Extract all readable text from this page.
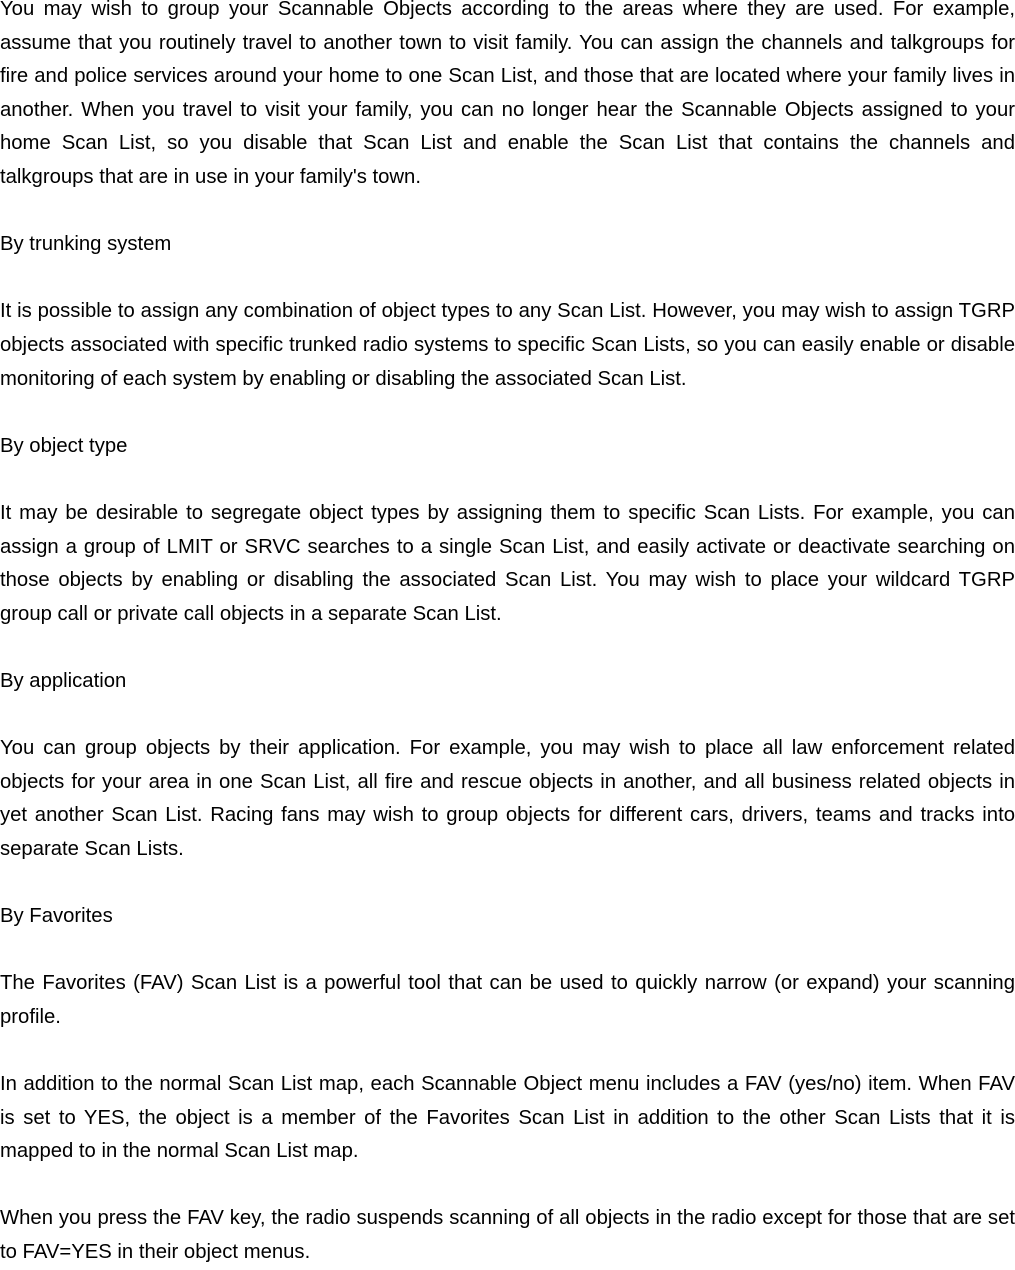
You may wish to group your Scannable Objects according to the areas where they are used. For example, assume that you routinely travel to another town to visit family. You can assign the channels and talkgroups for fire and police services around your home to one Scan List, and those that are located where your family lives in another. When you travel to visit your family, you can no longer hear the Scannable Objects assigned to your home Scan List, so you disable that Scan List and enable the Scan List that contains the channels and talkgroups that are in use in your family's town.

By trunking system

It is possible to assign any combination of object types to any Scan List. However, you may wish to assign TGRP objects associated with specific trunked radio systems to specific Scan Lists, so you can easily enable or disable monitoring of each system by enabling or disabling the associated Scan List.

By object type

It may be desirable to segregate object types by assigning them to specific Scan Lists. For example, you can assign a group of LMIT or SRVC searches to a single Scan List, and easily activate or deactivate searching on those objects by enabling or disabling the associated Scan List. You may wish to place your wildcard TGRP group call or private call objects in a separate Scan List.

By application

You can group objects by their application. For example, you may wish to place all law enforcement related objects for your area in one Scan List, all fire and rescue objects in another, and all business related objects in yet another Scan List. Racing fans may wish to group objects for different cars, drivers, teams and tracks into separate Scan Lists.

By Favorites

The Favorites (FAV) Scan List is a powerful tool that can be used to quickly narrow (or expand) your scanning profile.

In addition to the normal Scan List map, each Scannable Object menu includes a FAV (yes/no) item. When FAV is set to YES, the object is a member of the Favorites Scan List in addition to the other Scan Lists that it is mapped to in the normal Scan List map.

When you press the FAV key, the radio suspends scanning of all objects in the radio except for those that are set to FAV=YES in their object menus.
